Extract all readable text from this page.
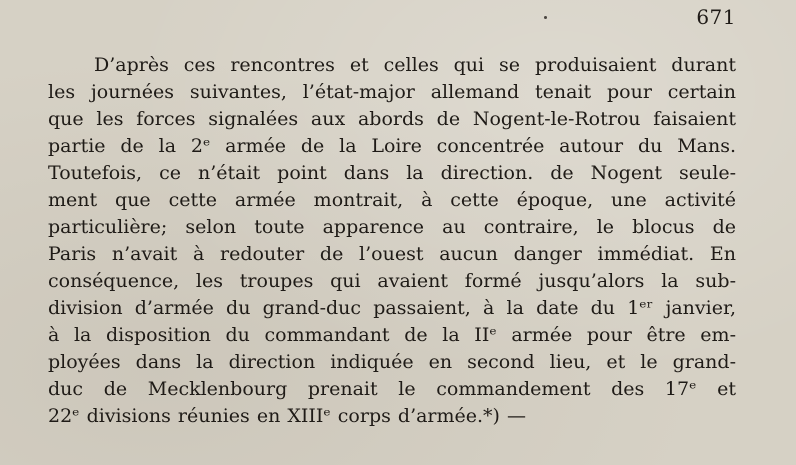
671
D’après ces rencontres et celles qui se produisaient durant
les journées suivantes, l’état-major allemand tenait pour certain
que les forces signalées aux abords de Nogent-le-Rotrou faisaient
partie de la 2ᵉ armée de la Loire concentrée autour du Mans.
Toutefois, ce n’était point dans la direction. de Nogent seule-
ment que cette armée montrait, à cette époque, une activité
particulière; selon toute apparence au contraire, le blocus de
Paris n’avait à redouter de l’ouest aucun danger immédiat. En
conséquence, les troupes qui avaient formé jusqu’alors la sub-
division d’armée du grand-duc passaient, à la date du 1ᵉʳ janvier,
à la disposition du commandant de la IIᵉ armée pour être em-
ployées dans la direction indiquée en second lieu, et le grand-
duc de Mecklenbourg prenait le commandement des 17ᵉ et
22ᵉ divisions réunies en XIIIᵉ corps d’armée.*) —
